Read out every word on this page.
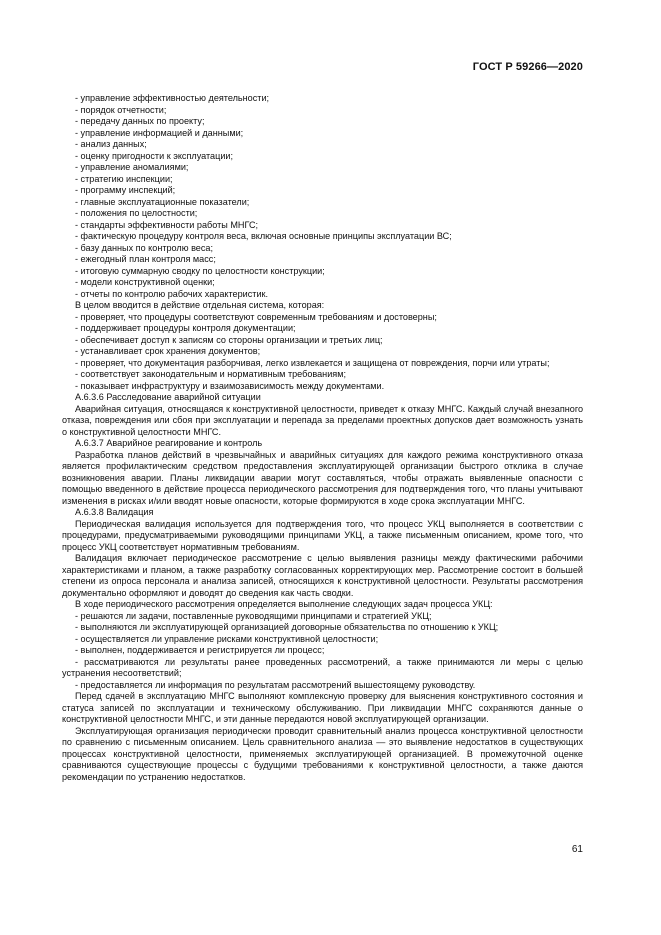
ГОСТ Р 59266—2020

- управление эффективностью деятельности;

- порядок отчетности;

- передачу данных по проекту;

- управление информацией и данными;

- анализ данных;

- оценку пригодности к эксплуатации;

- управление аномалиями;

- стратегию инспекции;

- программу инспекций;

- главные эксплуатационные показатели;

- положения по целостности;

- стандарты эффективности работы МНГС;

- фактическую процедуру контроля веса, включая основные принципы эксплуатации ВС;

- базу данных по контролю веса;

- ежегодный план контроля масс;

- итоговую суммарную сводку по целостности конструкции;

- модели конструктивной оценки;

- отчеты по контролю рабочих характеристик.

В целом вводится в действие отдельная система, которая:

- проверяет, что процедуры соответствуют современным требованиям и достоверны;

- поддерживает процедуры контроля документации;

- обеспечивает доступ к записям со стороны организации и третьих лиц;

- устанавливает срок хранения документов;

- проверяет, что документация разборчивая, легко извлекается и защищена от повреждения, порчи или утраты;

- соответствует законодательным и нормативным требованиям;

- показывает инфраструктуру и взаимозависимость между документами.

А.6.3.6 Расследование аварийной ситуации

Аварийная ситуация, относящаяся к конструктивной целостности, приведет к отказу МНГС. Каждый случай внезапного отказа, повреждения или сбоя при эксплуатации и перепада за пределами проектных допусков дает возможность узнать о конструктивной целостности МНГС.

А.6.3.7 Аварийное реагирование и контроль

Разработка планов действий в чрезвычайных и аварийных ситуациях для каждого режима конструктивного отказа является профилактическим средством предоставления эксплуатирующей организации быстрого отклика в случае возникновения аварии. Планы ликвидации аварии могут составляться, чтобы отражать выявленные опасности с помощью введенного в действие процесса периодического рассмотрения для подтверждения того, что планы учитывают изменения в рисках и/или вводят новые опасности, которые формируются в ходе срока эксплуатации МНГС.

А.6.3.8 Валидация

Периодическая валидация используется для подтверждения того, что процесс УКЦ выполняется в соответствии с процедурами, предусматриваемыми руководящими принципами УКЦ, а также письменным описанием, кроме того, что процесс УКЦ соответствует нормативным требованиям.

Валидация включает периодическое рассмотрение с целью выявления разницы между фактическими рабочими характеристиками и планом, а также разработку согласованных корректирующих мер. Рассмотрение состоит в большей степени из опроса персонала и анализа записей, относящихся к конструктивной целостности. Результаты рассмотрения документально оформляют и доводят до сведения как часть сводки.

В ходе периодического рассмотрения определяется выполнение следующих задач процесса УКЦ:

- решаются ли задачи, поставленные руководящими принципами и стратегией УКЦ;

- выполняются ли эксплуатирующей организацией договорные обязательства по отношению к УКЦ;

- осуществляется ли управление рисками конструктивной целостности;

- выполнен, поддерживается и регистрируется ли процесс;

- рассматриваются ли результаты ранее проведенных рассмотрений, а также принимаются ли меры с целью устранения несоответствий;

- предоставляется ли информация по результатам рассмотрений вышестоящему руководству.

Перед сдачей в эксплуатацию МНГС выполняют комплексную проверку для выяснения конструктивного состояния и статуса записей по эксплуатации и техническому обслуживанию. При ликвидации МНГС сохраняются данные о конструктивной целостности МНГС, и эти данные передаются новой эксплуатирующей организации.

Эксплуатирующая организация периодически проводит сравнительный анализ процесса конструктивной целостности по сравнению с письменным описанием. Цель сравнительного анализа — это выявление недостатков в существующих процессах конструктивной целостности, применяемых эксплуатирующей организацией. В промежуточной оценке сравниваются существующие процессы с будущими требованиями к конструктивной целостности, а также даются рекомендации по устранению недостатков.

61
